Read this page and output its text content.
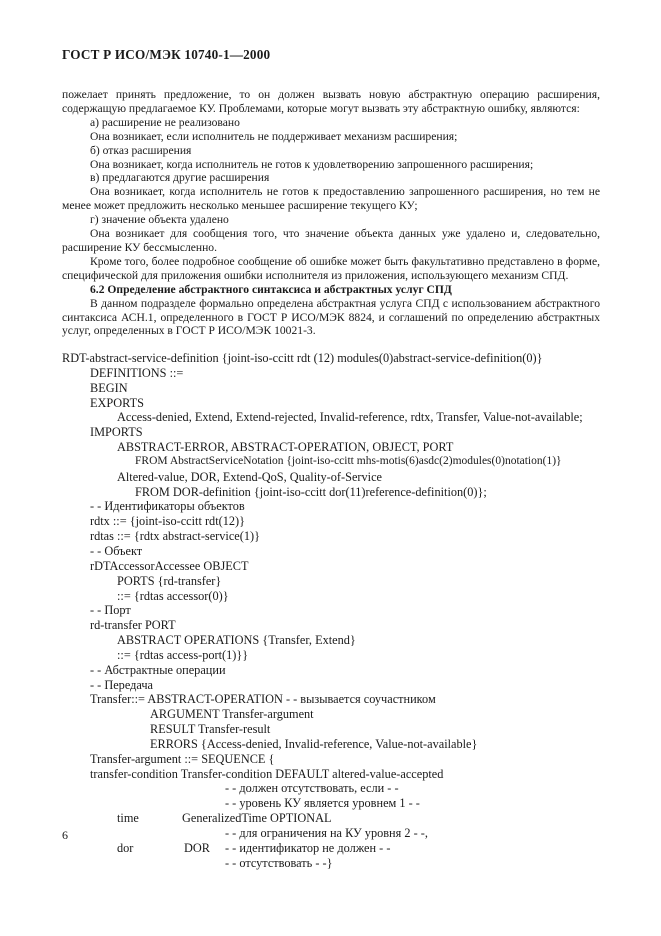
ГОСТ Р ИСО/МЭК 10740-1—2000

пожелает принять предложение, то он должен вызвать новую абстрактную операцию расширения, содержащую предлагаемое КУ. Проблемами, которые могут вызвать эту абстрактную ошибку, являются:

а) расширение не реализовано

Она возникает, если исполнитель не поддерживает механизм расширения;

б) отказ расширения

Она возникает, когда исполнитель не готов к удовлетворению запрошенного расширения;

в) предлагаются другие расширения

Она возникает, когда исполнитель не готов к предоставлению запрошенного расширения, но тем не менее может предложить несколько меньшее расширение текущего КУ;

г) значение объекта удалено

Она возникает для сообщения того, что значение объекта данных уже удалено и, следовательно, расширение КУ бессмысленно.

Кроме того, более подробное сообщение об ошибке может быть факультативно представлено в форме, специфической для приложения ошибки исполнителя из приложения, использующего механизм СПД.

6.2 Определение абстрактного синтаксиса и абстрактных услуг СПД

В данном подразделе формально определена абстрактная услуга СПД с использованием абстрактного синтаксиса АСН.1, определенного в ГОСТ Р ИСО/МЭК 8824, и соглашений по определению абстрактных услуг, определенных в ГОСТ Р ИСО/МЭК 10021-3.

RDT-abstract-service-definition {joint-iso-ccitt rdt (12) modules(0)abstract-service-definition(0)}
DEFINITIONS ::=
BEGIN
EXPORTS
Access-denied, Extend, Extend-rejected, Invalid-reference, rdtx, Transfer, Value-not-available;
IMPORTS
ABSTRACT-ERROR, ABSTRACT-OPERATION, OBJECT, PORT
FROM AbstractServiceNotation {joint-iso-ccitt mhs-motis(6)asdc(2)modules(0)notation(1)}
Altered-value, DOR, Extend-QoS, Quality-of-Service
FROM DOR-definition {joint-iso-ccitt dor(11)reference-definition(0)};
- - Идентификаторы объектов
rdtx ::= {joint-iso-ccitt rdt(12)}
rdtas ::= {rdtx abstract-service(1)}
- - Объект
rDTAccessorAccessee OBJECT
PORTS {rd-transfer}
::= {rdtas accessor(0)}
- - Порт
rd-transfer PORT
ABSTRACT OPERATIONS {Transfer, Extend}
::= {rdtas access-port(1)}}
- - Абстрактные операции
- - Передача
Transfer::= ABSTRACT-OPERATION - - вызывается соучастником
ARGUMENT Transfer-argument
RESULT Transfer-result
ERRORS {Access-denied, Invalid-reference, Value-not-available}
Transfer-argument ::= SEQUENCE {
transfer-condition Transfer-condition DEFAULT altered-value-accepted
- - должен отсутствовать, если - -
- - уровень КУ является уровнем 1 - -
time	GeneralizedTime OPTIONAL
- - для ограничения на КУ уровня 2 - -,
dor	DOR - - идентификатор не должен - -
- - отсутствовать - -}
6
